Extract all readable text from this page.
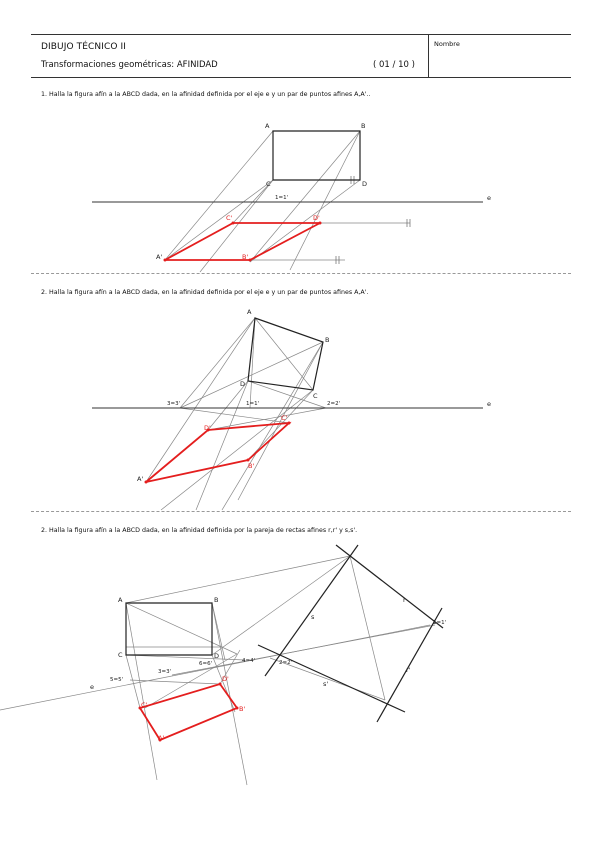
DIBUJO TÉCNICO II
Transformaciones geométricas: AFINIDAD	( 01 / 10 )
Nombre
1. Halla la figura afín a la ABCD dada, en la afinidad definida por el eje e y un par de puntos afines A,A'..
2. Halla la figura afín a la ABCD dada, en la afinidad definida por el eje e y un par de puntos afines A,A'.
2. Halla la figura afín a la ABCD dada, en la afinidad definida por la pareja de rectas afines r,r' y s,s'.
A	B
C	D
1=1'	e
A'
C'	D'
B'
A
B
C
D
3=3'	1=1'	2=2'	e
A'
D'
C'
B'
A	B
C	D
5=5'
3=3'
6=6'	4=4'	2=2'
1=1'
e
s
r
r'
s'
C'
D'
B'
A'
